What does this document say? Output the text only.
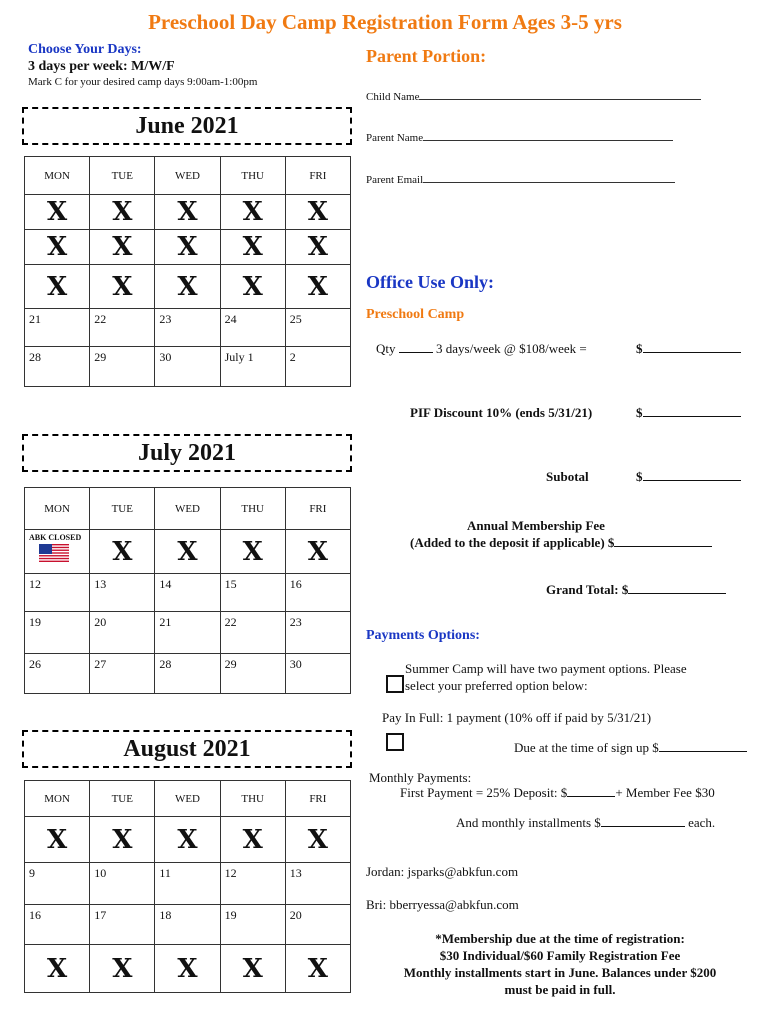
Preschool Day Camp Registration Form Ages 3-5 yrs
Choose Your Days:
3 days per week: M/W/F
Mark C for your desired camp days 9:00am-1:00pm
June 2021
MON	TUE	WED	THU	FRI
X	X	X	X	X
X	X	X	X	X
X	X	X	X	X
21	22	23	24	25
28	29	30	July 1	2
July 2021
MON	TUE	WED	THU	FRI

ABK CLOSED	X	X	X	X
12	13	14	15	16
19	20	21	22	23
26	27	28	29	30
August 2021
MON	TUE	WED	THU	FRI
X	X	X	X	X
9	10	11	12	13
16	17	18	19	20
X	X	X	X	X
Parent Portion:
Child Name
Parent Name
Parent Email
Office Use Only:
Preschool Camp
Qty	3 days/week @ $108/week =	$
PIF Discount 10% (ends 5/31/21)	$
Subotal	$
Annual Membership Fee
(Added to the deposit if applicable) $
Grand Total: $
Payments Options:
Summer Camp will have two payment options. Please
select your preferred option below:
Pay In Full: 1 payment (10% off if paid by 5/31/21)
Due at the time of sign up $
Monthly Payments:
First Payment = 25% Deposit: $	+ Member Fee $30
And monthly installments $	each.
Jordan: jsparks@abkfun.com
Bri: bberryessa@abkfun.com
*Membership due at the time of registration:
$30 Individual/$60 Family Registration Fee
Monthly installments start in June. Balances under $200
must be paid in full.
